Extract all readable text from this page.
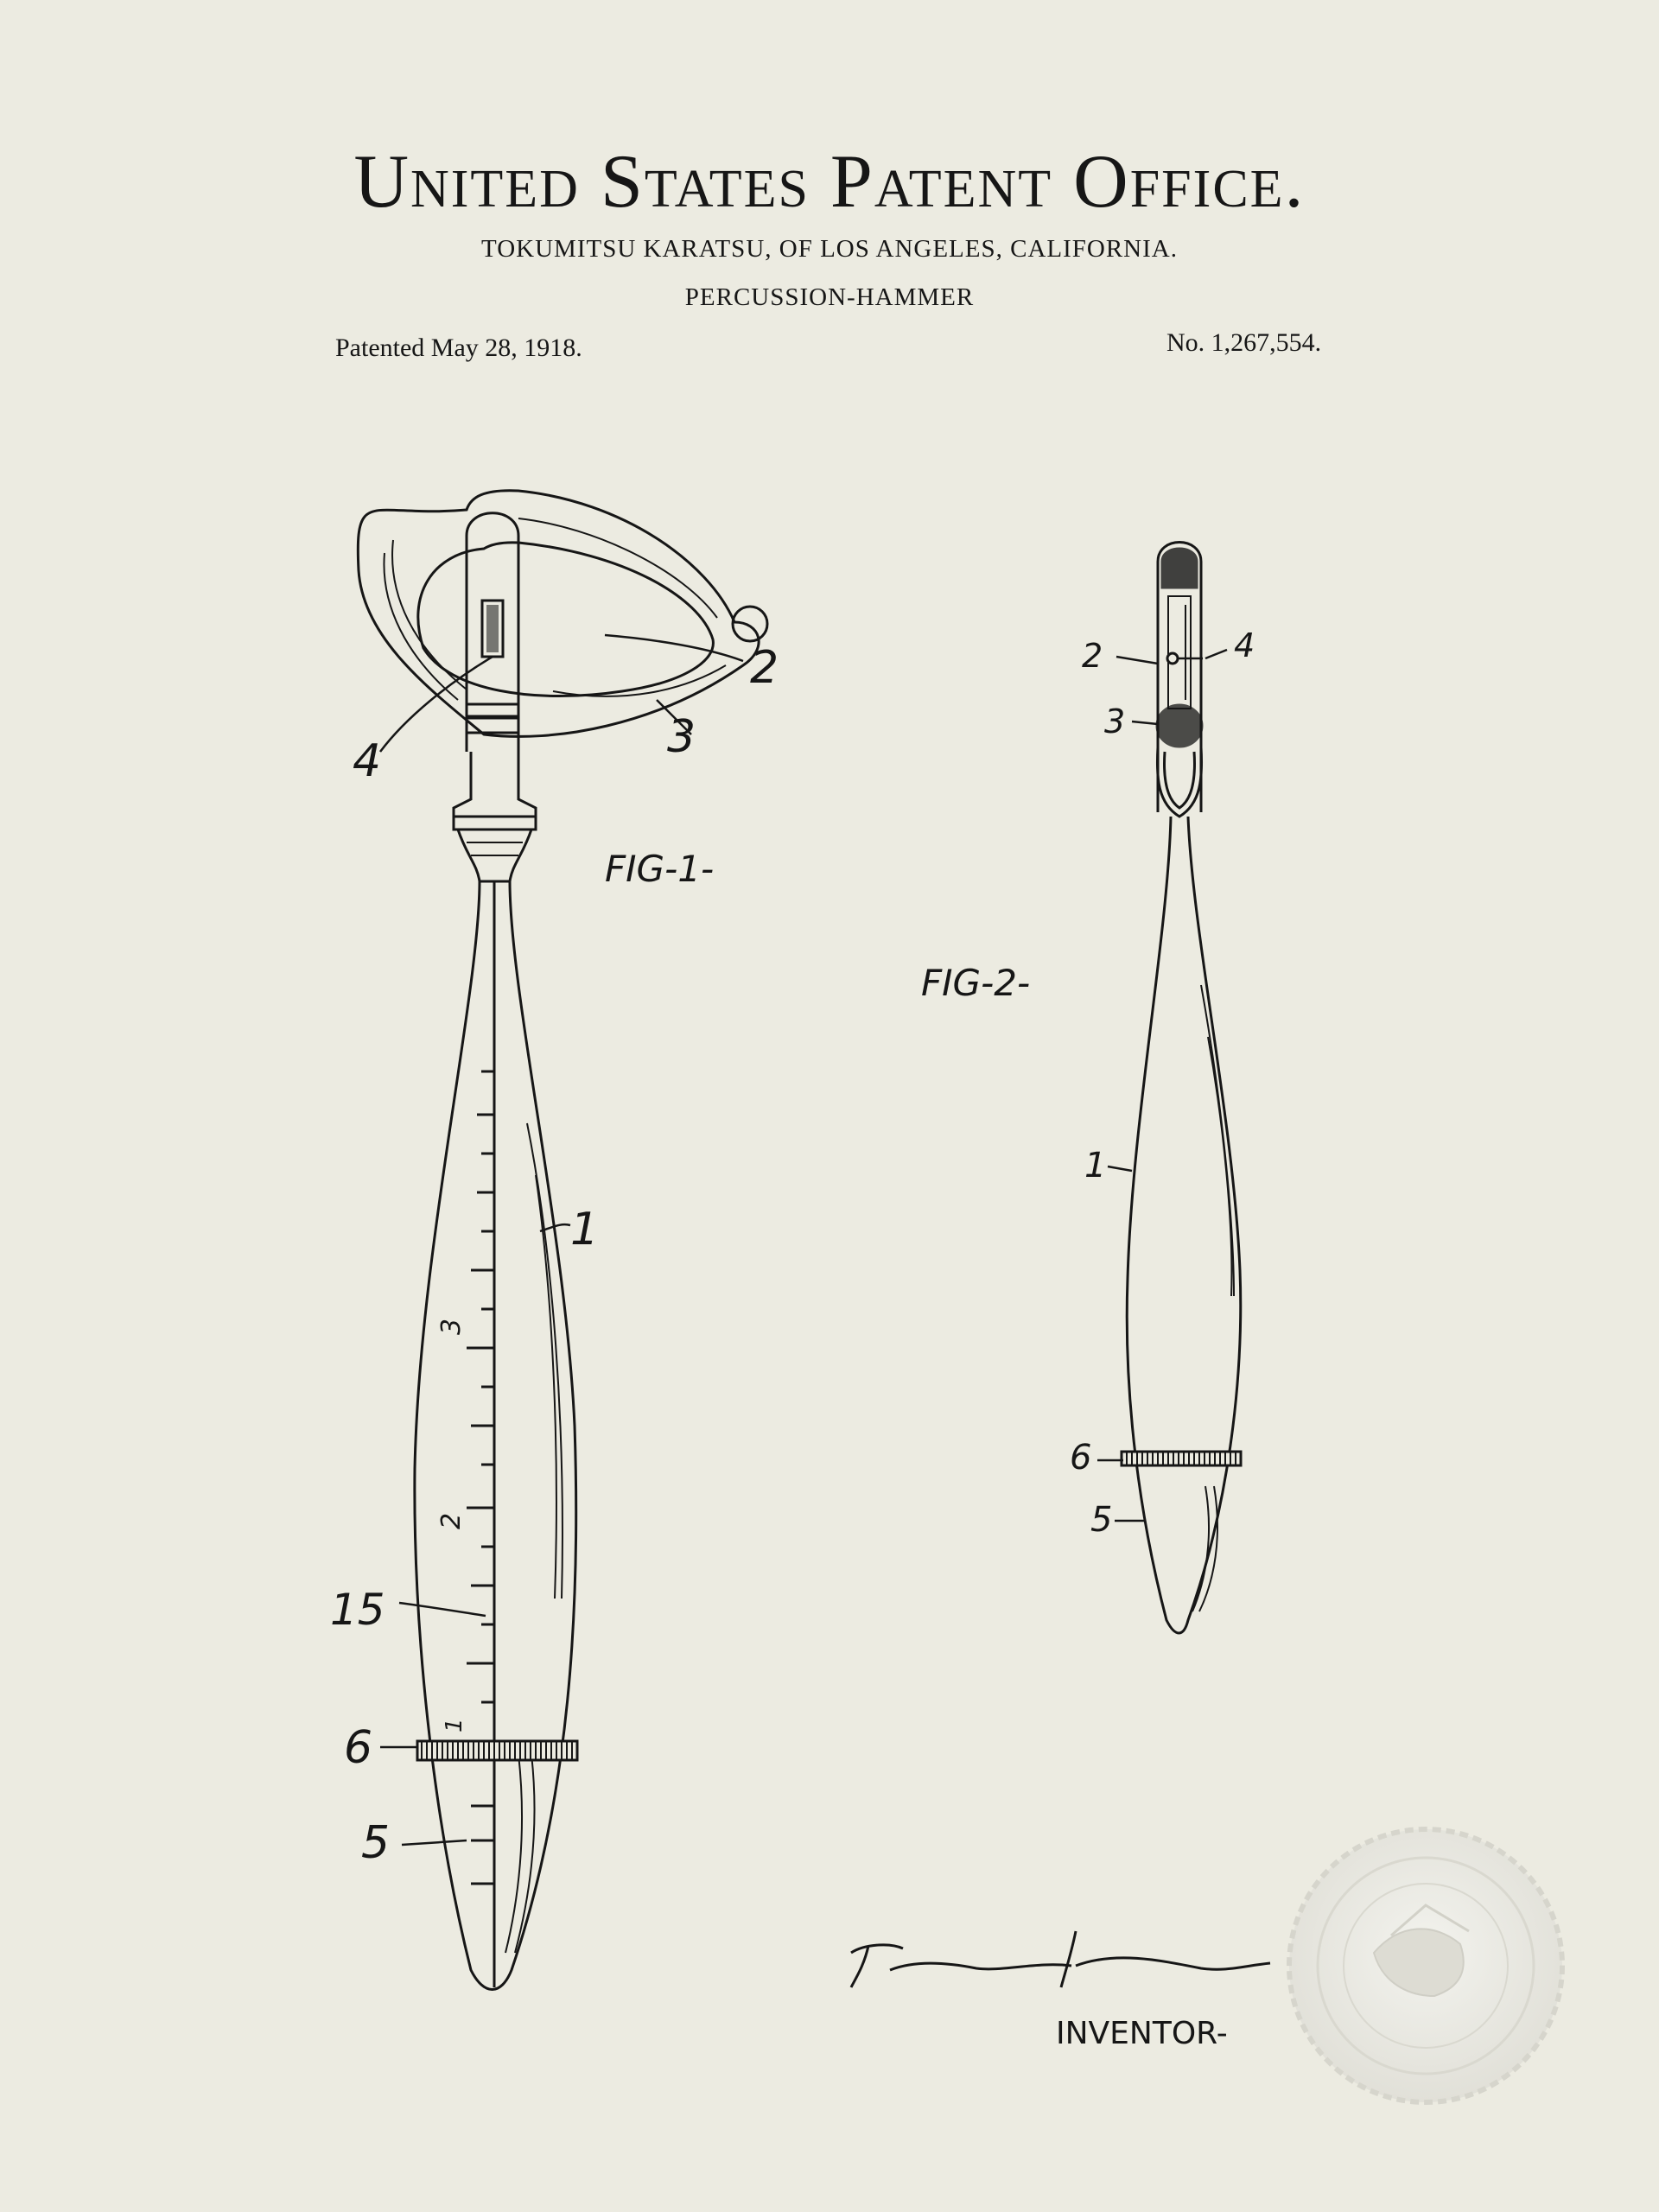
United States Patent Office.
TOKUMITSU KARATSU, OF LOS ANGELES, CALIFORNIA.
PERCUSSION-HAMMER
Patented May 28, 1918.	No. 1,267,554.
3
2
1
2
3
4
1
15
6
5
FIG-1-
2	4
3
1
6
5
FIG-2-
INVENTOR-
